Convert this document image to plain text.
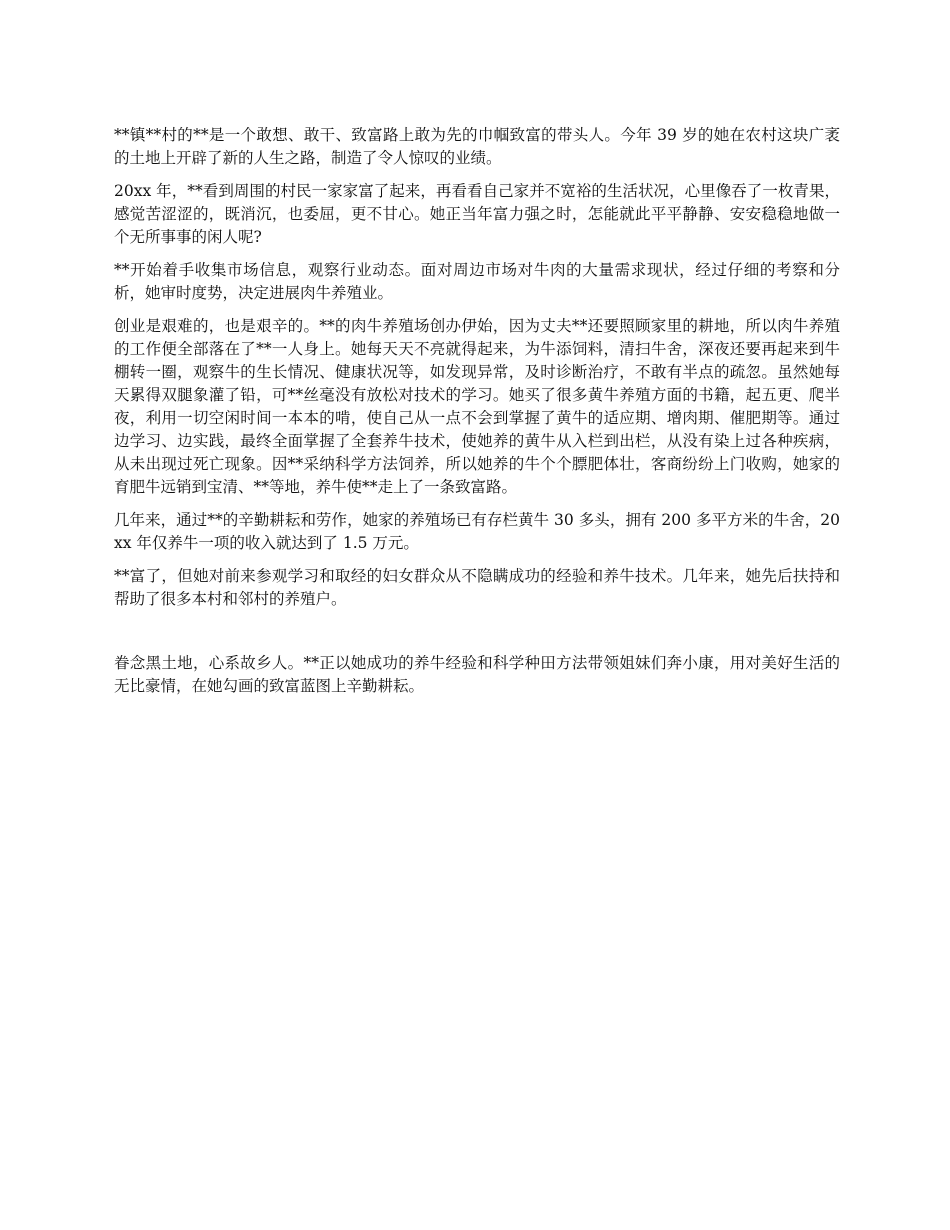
**镇**村的**是一个敢想、敢干、致富路上敢为先的巾帼致富的带头人。今年 39 岁的她在农村这块广袤的土地上开辟了新的人生之路，制造了令人惊叹的业绩。

20xx 年，**看到周围的村民一家家富了起来，再看看自己家并不宽裕的生活状况，心里像吞了一枚青果，感觉苦涩涩的，既消沉，也委屈，更不甘心。她正当年富力强之时，怎能就此平平静静、安安稳稳地做一个无所事事的闲人呢?

**开始着手收集市场信息，观察行业动态。面对周边市场对牛肉的大量需求现状，经过仔细的考察和分析，她审时度势，决定进展肉牛养殖业。

创业是艰难的，也是艰辛的。**的肉牛养殖场创办伊始，因为丈夫**还要照顾家里的耕地，所以肉牛养殖的工作便全部落在了**一人身上。她每天天不亮就得起来，为牛添饲料，清扫牛舍，深夜还要再起来到牛棚转一圈，观察牛的生长情况、健康状况等，如发现异常，及时诊断治疗，不敢有半点的疏忽。虽然她每天累得双腿象灌了铅，可**丝毫没有放松对技术的学习。她买了很多黄牛养殖方面的书籍，起五更、爬半夜，利用一切空闲时间一本本的啃，使自己从一点不会到掌握了黄牛的适应期、增肉期、催肥期等。通过边学习、边实践，最终全面掌握了全套养牛技术，使她养的黄牛从入栏到出栏，从没有染上过各种疾病，从未出现过死亡现象。因**采纳科学方法饲养，所以她养的牛个个膘肥体壮，客商纷纷上门收购，她家的育肥牛远销到宝清、**等地，养牛使**走上了一条致富路。

几年来，通过**的辛勤耕耘和劳作，她家的养殖场已有存栏黄牛 30 多头，拥有 200 多平方米的牛舍，20xx 年仅养牛一项的收入就达到了 1.5 万元。

**富了，但她对前来参观学习和取经的妇女群众从不隐瞒成功的经验和养牛技术。几年来，她先后扶持和帮助了很多本村和邻村的养殖户。

眷念黑土地，心系故乡人。**正以她成功的养牛经验和科学种田方法带领姐妹们奔小康，用对美好生活的无比豪情，在她勾画的致富蓝图上辛勤耕耘。
